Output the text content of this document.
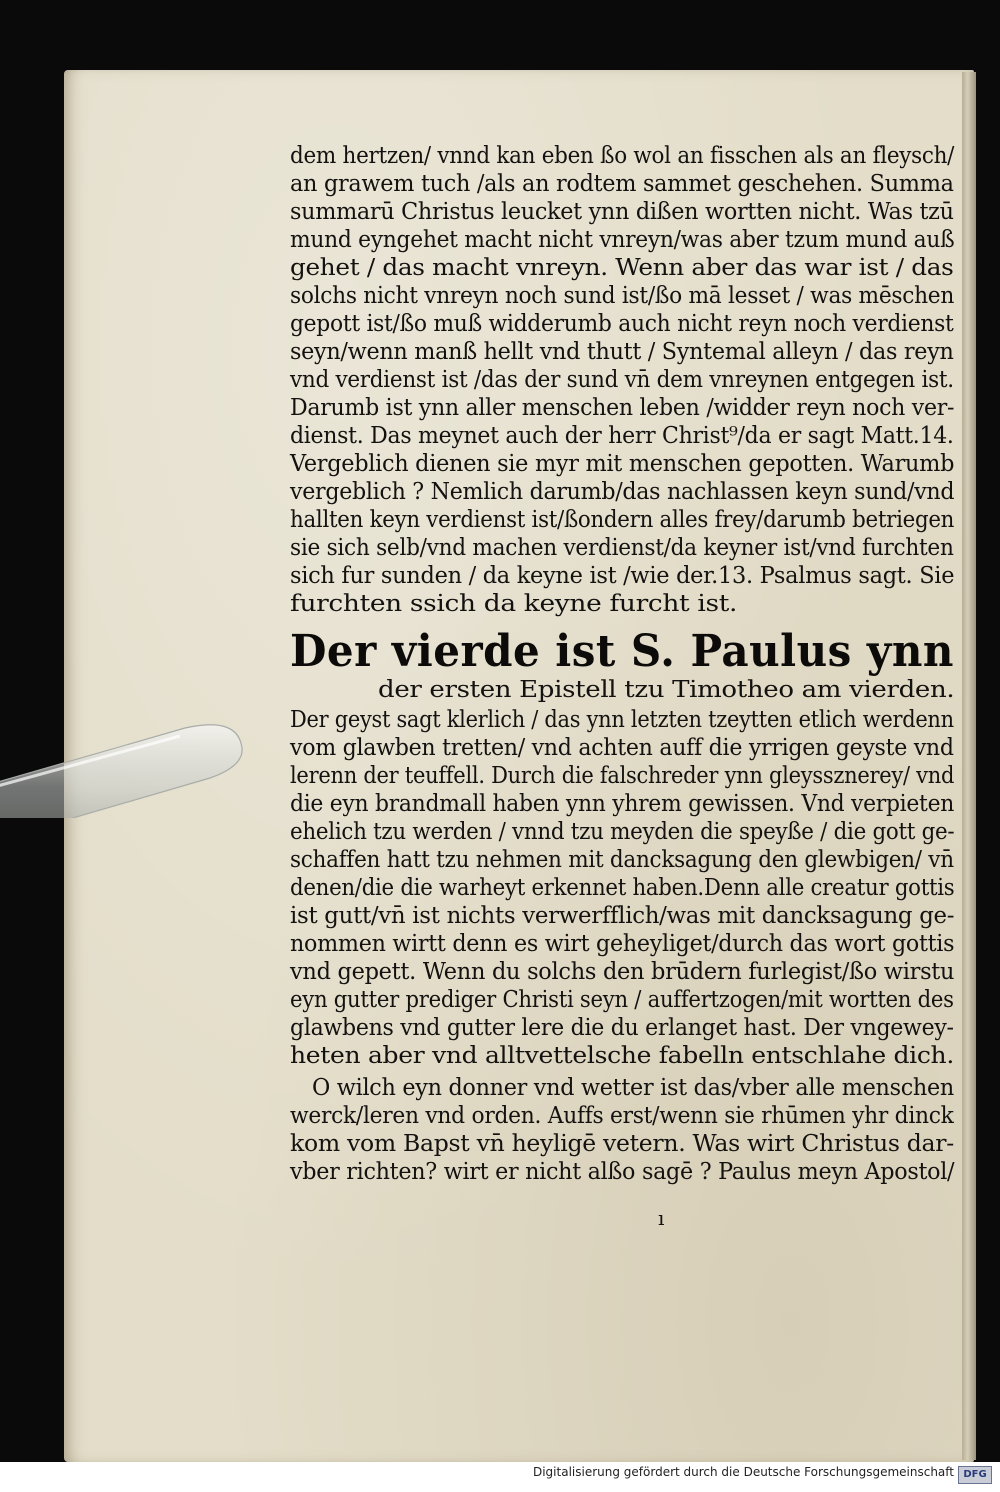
dem hertzen/ vnnd kan eben ßo wol an fisschen als an fleysch/
an grawem tuch /als an rodtem sammet geschehen. Summa
summarū Christus leucket ynn dißen wortten nicht. Was tzū
mund eyngehet macht nicht vnreyn/was aber tzum mund auß
gehet / das macht vnreyn. Wenn aber das war ist / das
solchs nicht vnreyn noch sund ist/ßo mā lesset / was mēschen
gepott ist/ßo muß widderumb auch nicht reyn noch verdienst
seyn/wenn manß hellt vnd thutt / Syntemal alleyn / das reyn
vnd verdienst ist /das der sund vn̄ dem vnreynen entgegen ist.
Darumb ist ynn aller menschen leben /widder reyn noch ver-
dienst. Das meynet auch der herr Christ⁹/da er sagt Matt.14.
Vergeblich dienen sie myr mit menschen gepotten. Warumb
vergeblich ? Nemlich darumb/das nachlassen keyn sund/vnd
hallten keyn verdienst ist/ßondern alles frey/darumb betriegen
sie sich selb/vnd machen verdienst/da keyner ist/vnd furchten
sich fur sunden / da keyne ist /wie der.13. Psalmus sagt. Sie
furchten ssich da keyne furcht ist.
Der vierde ist S. Paulus ynn
der ersten Epistell tzu Timotheo am vierden.
Der geyst sagt klerlich / das ynn letzten tzeytten etlich werdenn
vom glawben tretten/ vnd achten auff die yrrigen geyste vnd
lerenn der teuffell. Durch die falschreder ynn gleyssznerey/ vnd
die eyn brandmall haben ynn yhrem gewissen. Vnd verpieten
ehelich tzu werden / vnnd tzu meyden die speyße / die gott ge-
schaffen hatt tzu nehmen mit dancksagung den glewbigen/ vn̄
denen/die die warheyt erkennet haben.Denn alle creatur gottis
ist gutt/vn̄ ist nichts verwerfflich/was mit dancksagung ge-
nommen wirtt denn es wirt geheyliget/durch das wort gottis
vnd gepett. Wenn du solchs den brūdern furlegist/ßo wirstu
eyn gutter prediger Christi seyn / auffertzogen/mit wortten des
glawbens vnd gutter lere die du erlanget hast. Der vngewey-
heten aber vnd alltvettelsche fabelln entschlahe dich.
O wilch eyn donner vnd wetter ist das/vber alle menschen
werck/leren vnd orden. Auffs erst/wenn sie rhūmen yhr dinck
kom vom Bapst vn̄ heyligē vetern. Was wirt Christus dar-
vber richten? wirt er nicht alßo sagē ? Paulus meyn Apostol/
ı
Digitalisierung gefördert durch die Deutsche Forschungsgemeinschaft DFG
